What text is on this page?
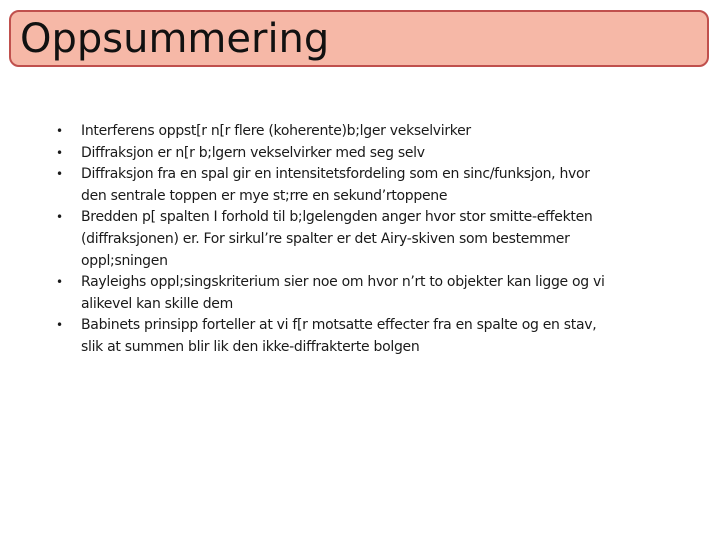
Oppsummering
• Interferens oppst[r n[r flere (koherente)b;lger vekselvirker
• Diffraksjon er n[r b;lgern vekselvirker med seg selv
• Diffraksjon fra en spal gir en intensitetsfordeling som en sinc/funksjon, hvor den sentrale toppen er mye st;rre en sekund’rtoppene
• Bredden p[ spalten I forhold til b;lgelengden anger hvor stor smitte-effekten (diffraksjonen) er. For sirkul’re spalter er det Airy-skiven som bestemmer oppl;sningen
• Rayleighs oppl;singskriterium sier noe om hvor n’rt to objekter kan ligge og vi alikevel kan skille dem
• Babinets prinsipp forteller at vi f[r motsatte effecter fra en spalte og en stav, slik at summen blir lik den ikke-diffrakterte bolgen
